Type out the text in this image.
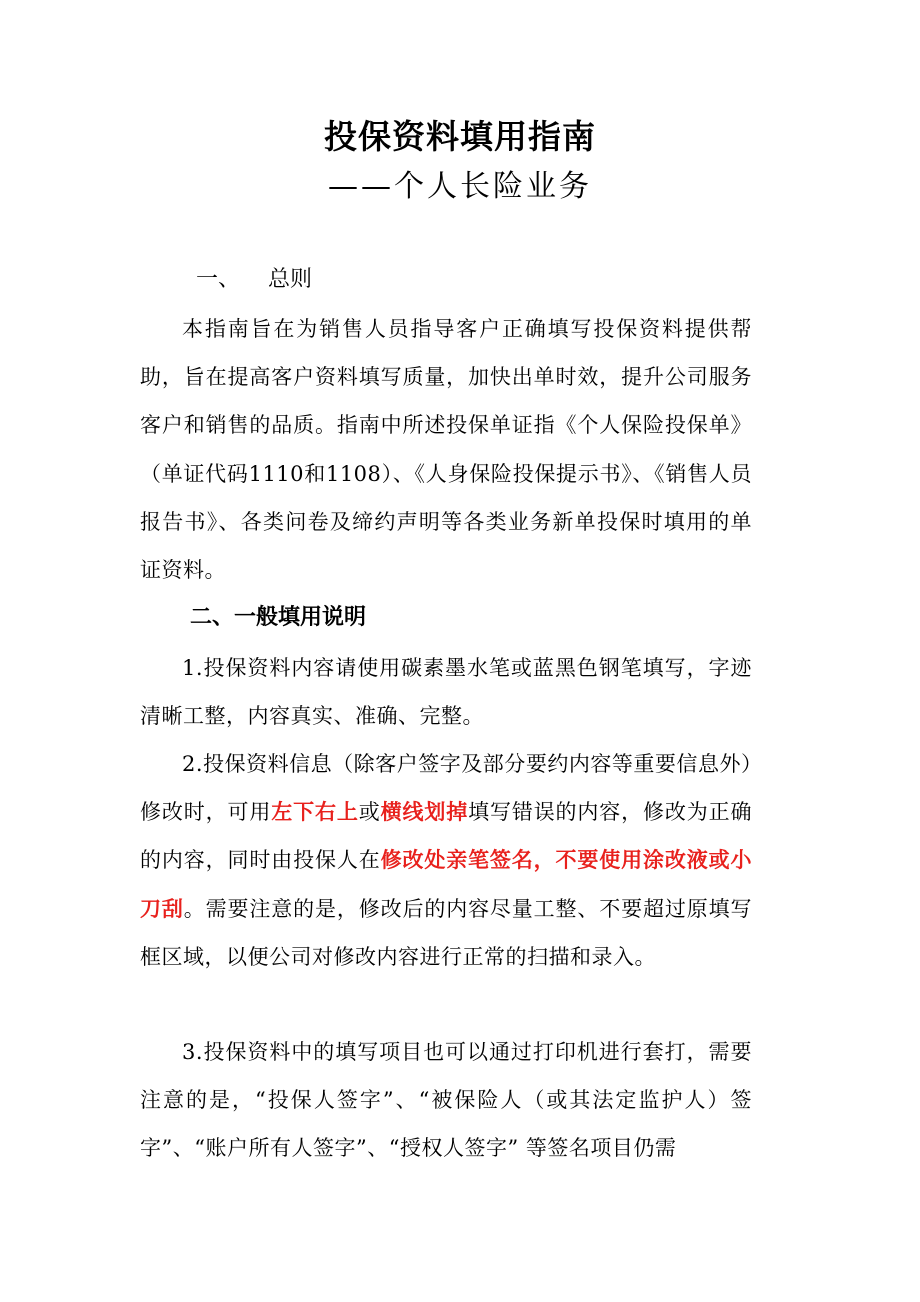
投保资料填用指南
——个人长险业务
一、    总则
本指南旨在为销售人员指导客户正确填写投保资料提供帮助，旨在提高客户资料填写质量，加快出单时效，提升公司服务客户和销售的品质。指南中所述投保单证指《个人保险投保单》（单证代码1110和1108）、《人身保险投保提示书》、《销售人员报告书》、各类问卷及缔约声明等各类业务新单投保时填用的单证资料。
二、一般填用说明
1.投保资料内容请使用碳素墨水笔或蓝黑色钢笔填写，字迹清晰工整，内容真实、准确、完整。
2.投保资料信息（除客户签字及部分要约内容等重要信息外）修改时，可用左下右上或横线划掉填写错误的内容，修改为正确的内容，同时由投保人在修改处亲笔签名，不要使用涂改液或小刀刮。需要注意的是，修改后的内容尽量工整、不要超过原填写框区域，以便公司对修改内容进行正常的扫描和录入。
3.投保资料中的填写项目也可以通过打印机进行套打，需要注意的是，“投保人签字”、“被保险人（或其法定监护人）签字”、“账户所有人签字”、“授权人签字” 等签名项目仍需
